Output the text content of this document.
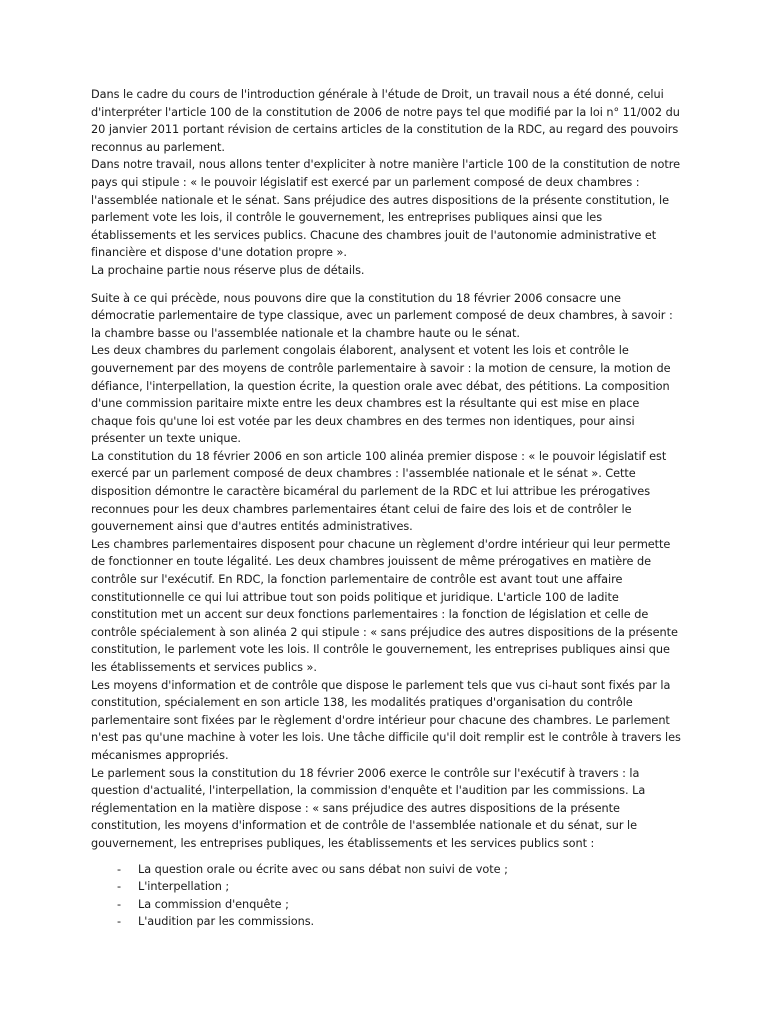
Dans le cadre du cours de l'introduction générale à l'étude de Droit, un travail nous a été donné, celui d'interpréter l'article 100 de la constitution de 2006 de notre pays tel que modifié par la loi n° 11/002 du 20 janvier 2011 portant révision de certains articles de la constitution de la RDC, au regard des pouvoirs reconnus au parlement.

Dans notre travail, nous allons tenter d'expliciter à notre manière l'article 100 de la constitution de notre pays qui stipule : « le pouvoir législatif est exercé par un parlement composé de deux chambres : l'assemblée nationale et le sénat. Sans préjudice des autres dispositions de la présente constitution, le parlement vote les lois, il contrôle le gouvernement, les entreprises publiques ainsi que les établissements et les services publics. Chacune des chambres jouit de l'autonomie administrative et financière et dispose d'une dotation propre ».

La prochaine partie nous réserve plus de détails.

Suite à ce qui précède, nous pouvons dire que la constitution du 18 février 2006 consacre une démocratie parlementaire de type classique, avec un parlement composé de deux chambres, à savoir : la chambre basse ou l'assemblée nationale et la chambre haute ou le sénat.

Les deux chambres du parlement congolais élaborent, analysent et votent les lois et contrôle le gouvernement par des moyens de contrôle parlementaire à savoir : la motion de censure, la motion de défiance, l'interpellation, la question écrite, la question orale avec débat, des pétitions. La composition d'une commission paritaire mixte entre les deux chambres est la résultante qui est mise en place chaque fois qu'une loi est votée par les deux chambres en des termes non identiques, pour ainsi présenter un texte unique.

La constitution du 18 février 2006 en son article 100 alinéa premier dispose : « le pouvoir législatif est exercé par un parlement composé de deux chambres : l'assemblée nationale et le sénat ». Cette disposition démontre le caractère bicaméral du parlement de la RDC et lui attribue les prérogatives reconnues pour les deux chambres parlementaires étant celui de faire des lois et de contrôler le gouvernement ainsi que d'autres entités administratives.

Les chambres parlementaires disposent pour chacune un règlement d'ordre intérieur qui leur permette de fonctionner en toute légalité. Les deux chambres jouissent de même prérogatives en matière de contrôle sur l'exécutif. En RDC, la fonction parlementaire de contrôle est avant tout une affaire constitutionnelle ce qui lui attribue tout son poids politique et juridique. L'article 100 de ladite constitution met un accent sur deux fonctions parlementaires : la fonction de législation et celle de contrôle spécialement à son alinéa 2 qui stipule : « sans préjudice des autres dispositions de la présente constitution, le parlement vote les lois. Il contrôle le gouvernement, les entreprises publiques ainsi que les établissements et services publics ».

Les moyens d'information et de contrôle que dispose le parlement tels que vus ci-haut sont fixés par la constitution, spécialement en son article 138, les modalités pratiques d'organisation du contrôle parlementaire sont fixées par le règlement d'ordre intérieur pour chacune des chambres. Le parlement n'est pas qu'une machine à voter les lois. Une tâche difficile qu'il doit remplir est le contrôle à travers les mécanismes appropriés.

Le parlement sous la constitution du 18 février 2006 exerce le contrôle sur l'exécutif à travers : la question d'actualité, l'interpellation, la commission d'enquête et l'audition par les commissions. La réglementation en la matière dispose : « sans préjudice des autres dispositions de la présente constitution, les moyens d'information et de contrôle de l'assemblée nationale et du sénat, sur le gouvernement, les entreprises publiques, les établissements et les services publics sont :

- La question orale ou écrite avec ou sans débat non suivi de vote ;
- L'interpellation ;
- La commission d'enquête ;
- L'audition par les commissions.
